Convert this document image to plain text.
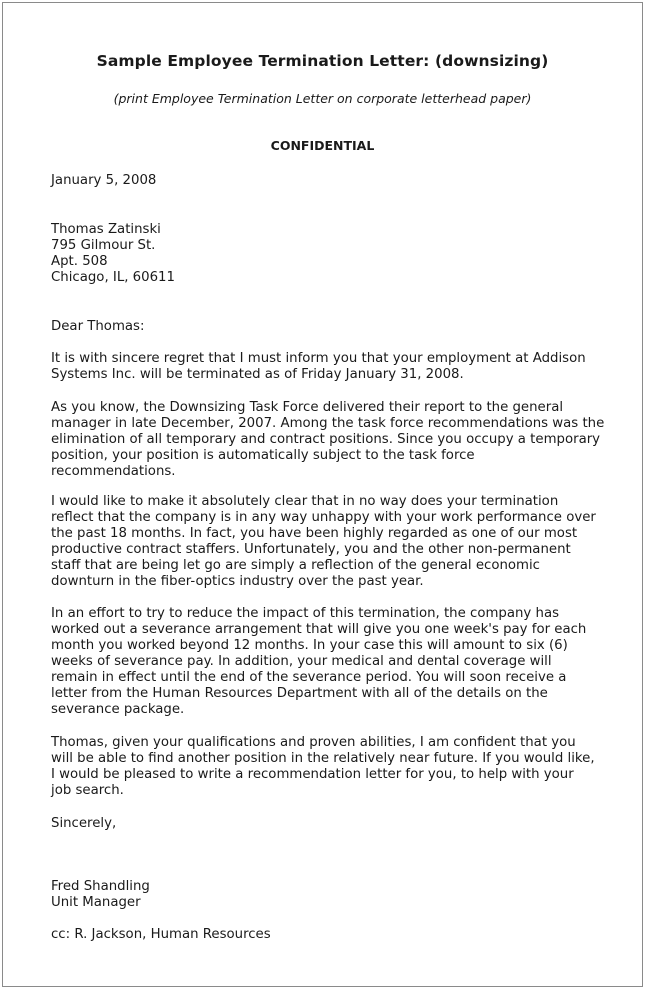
Sample Employee Termination Letter: (downsizing)

(print Employee Termination Letter on corporate letterhead paper)

CONFIDENTIAL

January 5, 2008

Thomas Zatinski
795 Gilmour St.
Apt. 508
Chicago, IL, 60611

Dear Thomas:

It is with sincere regret that I must inform you that your employment at Addison
Systems Inc. will be terminated as of Friday January 31, 2008.
As you know, the Downsizing Task Force delivered their report to the general
manager in late December, 2007. Among the task force recommendations was the
elimination of all temporary and contract positions. Since you occupy a temporary
position, your position is automatically subject to the task force
recommendations.
I would like to make it absolutely clear that in no way does your termination
reflect that the company is in any way unhappy with your work performance over
the past 18 months. In fact, you have been highly regarded as one of our most
productive contract staffers. Unfortunately, you and the other non-permanent
staff that are being let go are simply a reflection of the general economic
downturn in the fiber-optics industry over the past year.
In an effort to try to reduce the impact of this termination, the company has
worked out a severance arrangement that will give you one week's pay for each
month you worked beyond 12 months. In your case this will amount to six (6)
weeks of severance pay. In addition, your medical and dental coverage will
remain in effect until the end of the severance period. You will soon receive a
letter from the Human Resources Department with all of the details on the
severance package.
Thomas, given your qualifications and proven abilities, I am confident that you
will be able to find another position in the relatively near future. If you would like,
I would be pleased to write a recommendation letter for you, to help with your
job search.

Sincerely,

Fred Shandling
Unit Manager

cc: R. Jackson, Human Resources
